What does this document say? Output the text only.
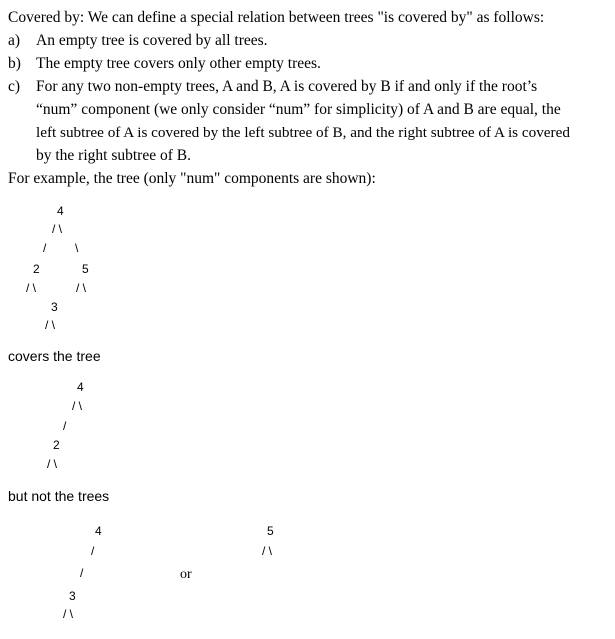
Covered by: We can define a special relation between trees "is covered by" as follows:
a) An empty tree is covered by all trees.
b) The empty tree covers only other empty trees.
c) For any two non-empty trees, A and B, A is covered by B if and only if the root’s
“num” component (we only consider “num” for simplicity) of A and B are equal, the
left subtree of A is covered by the left subtree of B, and the right subtree of A is covered
by the right subtree of B.
For example, the tree (only "num" components are shown):

4

/ \

/

\

2

	5

/ \

	/ \

3

/ \

covers the tree

4

/ \

/

2

/ \

but not the trees

4

/

/

3

/ \

or

5

/ \
